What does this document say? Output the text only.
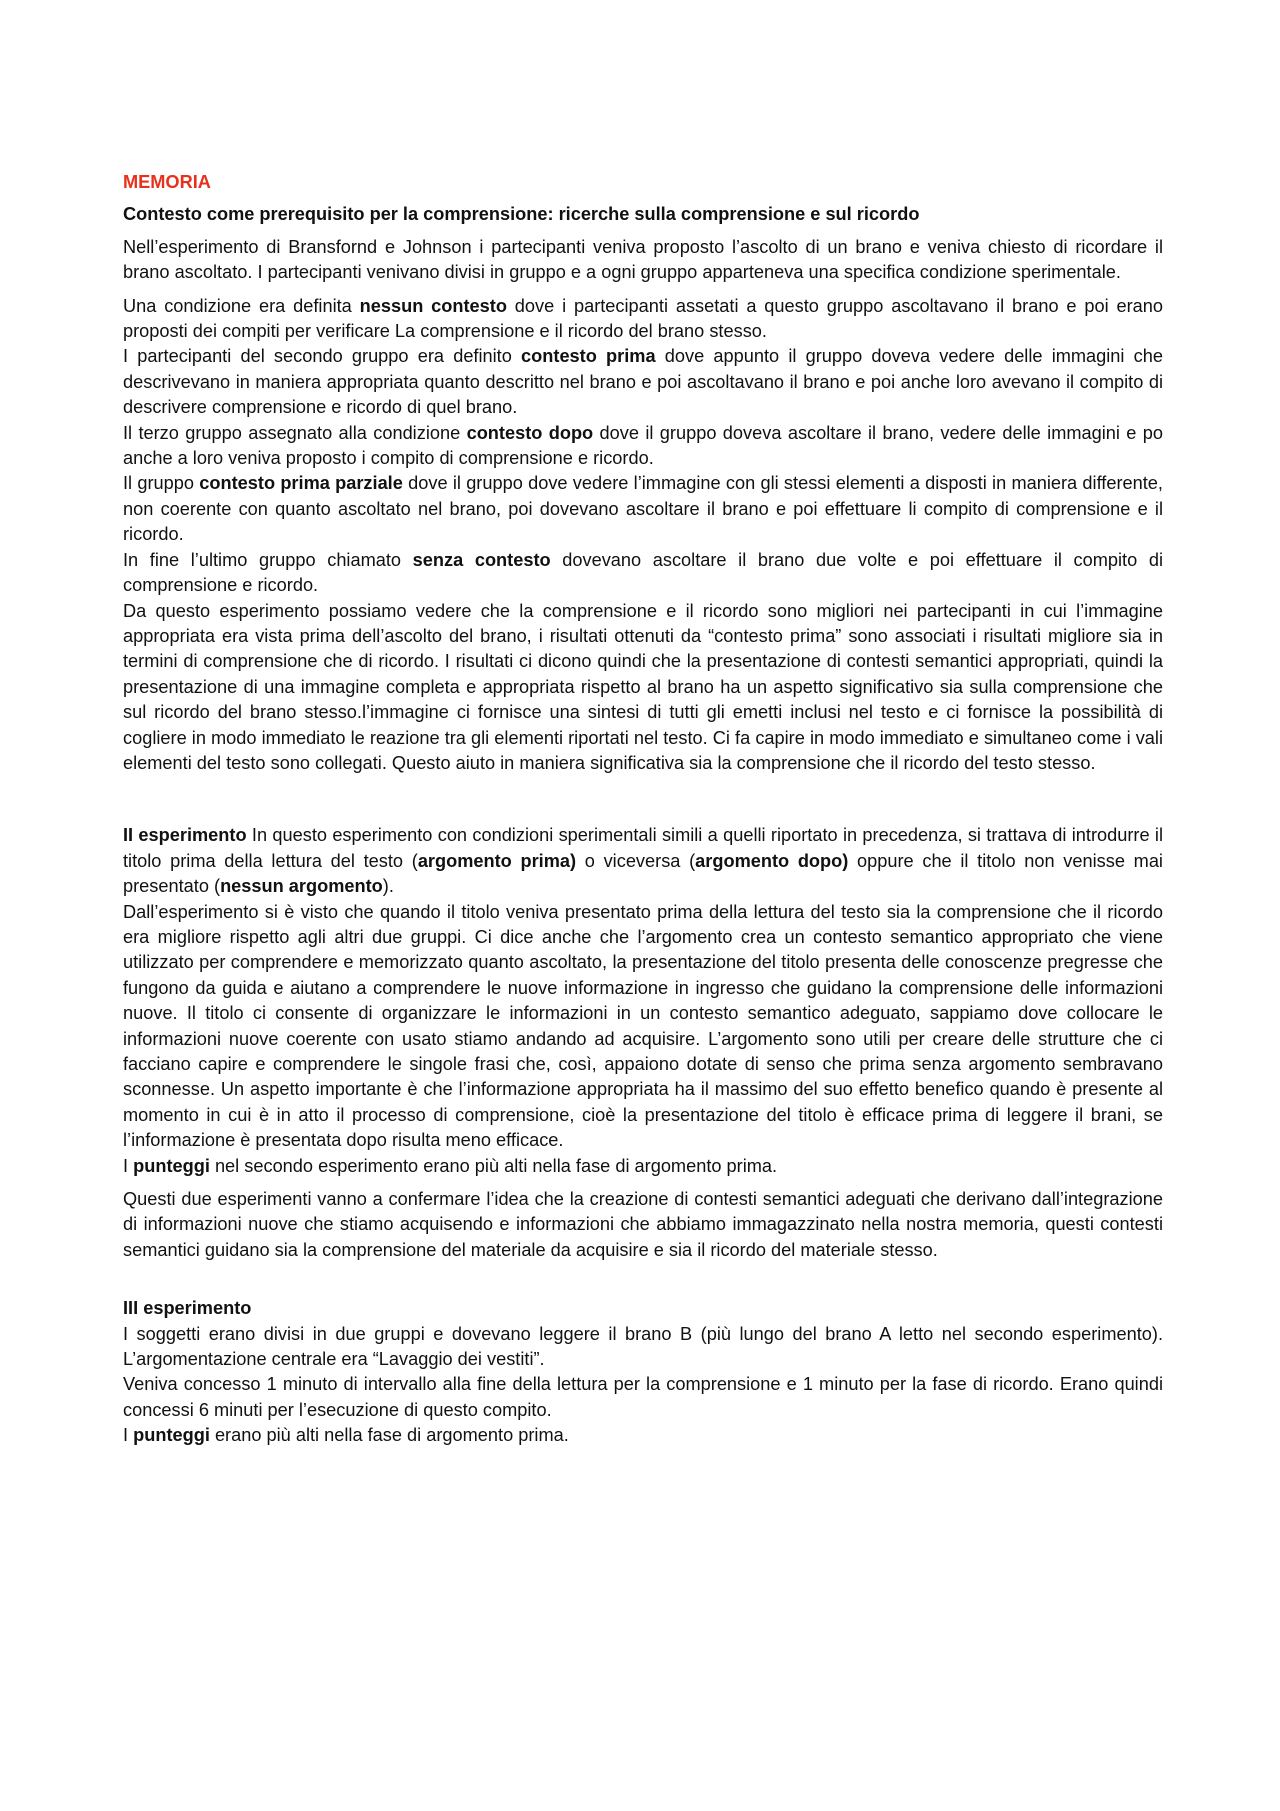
MEMORIA
Contesto come prerequisito per la comprensione: ricerche sulla comprensione e sul ricordo

Nell’esperimento di Bransfornd e Johnson i partecipanti veniva proposto l’ascolto di un brano e veniva chiesto di ricordare il brano ascoltato. I partecipanti venivano divisi in gruppo e a ogni gruppo apparteneva una specifica condizione sperimentale.

Una condizione era definita nessun contesto dove i partecipanti assetati a questo gruppo ascoltavano il brano e poi erano proposti dei compiti per verificare La comprensione e il ricordo del brano stesso.

I partecipanti del secondo gruppo era definito contesto prima dove appunto il gruppo doveva vedere delle immagini che descrivevano in maniera appropriata quanto descritto nel brano e poi ascoltavano il brano e poi anche loro avevano il compito di descrivere comprensione e ricordo di quel brano.

Il terzo gruppo assegnato alla condizione contesto dopo dove il gruppo doveva ascoltare il brano, vedere delle immagini e po anche a loro veniva proposto i compito di comprensione e ricordo.

Il gruppo contesto prima parziale dove il gruppo dove vedere l’immagine con gli stessi elementi a disposti in maniera differente, non coerente con quanto ascoltato nel brano, poi dovevano ascoltare il brano e poi effettuare li compito di comprensione e il ricordo.

In fine l’ultimo gruppo chiamato senza contesto dovevano ascoltare il brano due volte e poi effettuare il compito di comprensione e ricordo.

Da questo esperimento possiamo vedere che la comprensione e il ricordo sono migliori nei partecipanti in cui l’immagine appropriata era vista prima dell’ascolto del brano, i risultati ottenuti da “contesto prima” sono associati i risultati migliore sia in termini di comprensione che di ricordo. I risultati ci dicono quindi che la presentazione di contesti semantici appropriati, quindi la presentazione di una immagine completa e appropriata rispetto al brano ha un aspetto significativo sia sulla comprensione che sul ricordo del brano stesso.l’immagine ci fornisce una sintesi di tutti gli emetti inclusi nel testo e ci fornisce la possibilità di cogliere in modo immediato le reazione tra gli elementi riportati nel testo. Ci fa capire in modo immediato e simultaneo come i vali elementi del testo sono collegati. Questo aiuto in maniera significativa sia la comprensione che il ricordo del testo stesso.

II esperimento In questo esperimento con condizioni sperimentali simili a quelli riportato in precedenza, si trattava di introdurre il titolo prima della lettura del testo (argomento prima) o viceversa (argomento dopo) oppure che il titolo non venisse mai presentato (nessun argomento).

Dall’esperimento si è visto che quando il titolo veniva presentato prima della lettura del testo sia la comprensione che il ricordo era migliore rispetto agli altri due gruppi. Ci dice anche che l’argomento crea un contesto semantico appropriato che viene utilizzato per comprendere e memorizzato quanto ascoltato, la presentazione del titolo presenta delle conoscenze pregresse che fungono da guida e aiutano a comprendere le nuove informazione in ingresso che guidano la comprensione delle informazioni nuove. Il titolo ci consente di organizzare le informazioni in un contesto semantico adeguato, sappiamo dove collocare le informazioni nuove coerente con usato stiamo andando ad acquisire. L’argomento sono utili per creare delle strutture che ci facciano capire e comprendere le singole frasi che, così, appaiono dotate di senso che prima senza argomento sembravano sconnesse. Un aspetto importante è che l’informazione appropriata ha il massimo del suo effetto benefico quando è presente al momento in cui è in atto il processo di comprensione, cioè la presentazione del titolo è efficace prima di leggere il brani, se l’informazione è presentata dopo risulta meno efficace.

I punteggi nel secondo esperimento erano più alti nella fase di argomento prima.

Questi due esperimenti vanno a confermare l’idea che la creazione di contesti semantici adeguati che derivano dall’integrazione di informazioni nuove che stiamo acquisendo e informazioni che abbiamo immagazzinato nella nostra memoria, questi contesti semantici guidano sia la comprensione del materiale da acquisire e sia il ricordo del materiale stesso.

III esperimento

I soggetti erano divisi in due gruppi e dovevano leggere il brano B (più lungo del brano A letto nel secondo esperimento). L’argomentazione centrale era “Lavaggio dei vestiti”.

Veniva concesso 1 minuto di intervallo alla fine della lettura per la comprensione e 1 minuto per la fase di ricordo. Erano quindi concessi 6 minuti per l’esecuzione di questo compito.

I punteggi erano più alti nella fase di argomento prima.
